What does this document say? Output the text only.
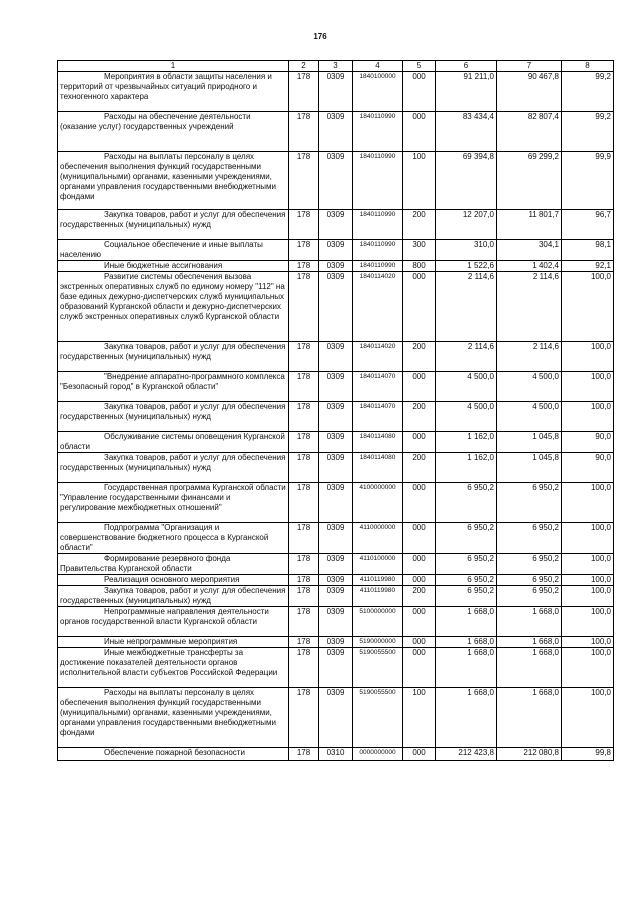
176
1	2	3	4	5	6	7	8

Мероприятия в области защиты населения и территорий от чрезвычайных ситуаций природного и техногенного характера	178	0309	1840100000	000	91 211,0	90 467,8	99,2

Расходы на обеспечение деятельности (оказание услуг) государственных учреждений	178	0309	1840110990	000	83 434,4	82 807,4	99,2

Расходы на выплаты персоналу в целях обеспечения выполнения функций государственными (муниципальными) органами, казенными учреждениями, органами управления государственными внебюджетными фондами	178	0309	1840110990	100	69 394,8	69 299,2	99,9

Закупка товаров, работ и услуг для обеспечения государственных (муниципальных) нужд	178	0309	1840110990	200	12 207,0	11 801,7	96,7

Социальное обеспечение и иные выплаты населению	178	0309	1840110990	300	310,0	304,1	98,1

Иные бюджетные ассигнования	178	0309	1840110990	800	1 522,6	1 402,4	92,1

Развитие системы обеспечения вызова экстренных оперативных служб по единому номеру "112" на базе единых дежурно-диспетчерских служб муниципальных образований Курганской области и дежурно-диспетчерских служб экстренных оперативных служб Курганской области	178	0309	1840114020	000	2 114,6	2 114,6	100,0

Закупка товаров, работ и услуг для обеспечения государственных (муниципальных) нужд	178	0309	1840114020	200	2 114,6	2 114,6	100,0

"Внедрение аппаратно-программного комплекса "Безопасный город" в Курганской области"	178	0309	1840114070	000	4 500,0	4 500,0	100,0

Закупка товаров, работ и услуг для обеспечения государственных (муниципальных) нужд	178	0309	1840114070	200	4 500,0	4 500,0	100,0

Обслуживание системы оповещения Курганской области	178	0309	1840114080	000	1 162,0	1 045,8	90,0

Закупка товаров, работ и услуг для обеспечения государственных (муниципальных) нужд	178	0309	1840114080	200	1 162,0	1 045,8	90,0

Государственная программа Курганской области "Управление государственными финансами и регулирование межбюджетных отношений"	178	0309	4100000000	000	6 950,2	6 950,2	100,0

Подпрограмма "Организация и совершенствование бюджетного процесса в Курганской области"	178	0309	4110000000	000	6 950,2	6 950,2	100,0

Формирование резервного фонда Правительства Курганской области	178	0309	4110100000	000	6 950,2	6 950,2	100,0

Реализация основного мероприятия	178	0309	4110119980	000	6 950,2	6 950,2	100,0

Закупка товаров, работ и услуг для обеспечения государственных (муниципальных) нужд	178	0309	4110119980	200	6 950,2	6 950,2	100,0

Непрограммные направления деятельности органов государственной власти Курганской области	178	0309	5100000000	000	1 668,0	1 668,0	100,0

Иные непрограммные мероприятия	178	0309	5190000000	000	1 668,0	1 668,0	100,0

Иные межбюджетные трансферты за достижение показателей деятельности органов исполнительной власти субъектов Российской Федерации	178	0309	5190055500	000	1 668,0	1 668,0	100,0

Расходы на выплаты персоналу в целях обеспечения выполнения функций государственными (муниципальными) органами, казенными учреждениями, органами управления государственными внебюджетными фондами	178	0309	5190055500	100	1 668,0	1 668,0	100,0

Обеспечение пожарной безопасности	178	0310	0000000000	000	212 423,8	212 080,8	99,8
